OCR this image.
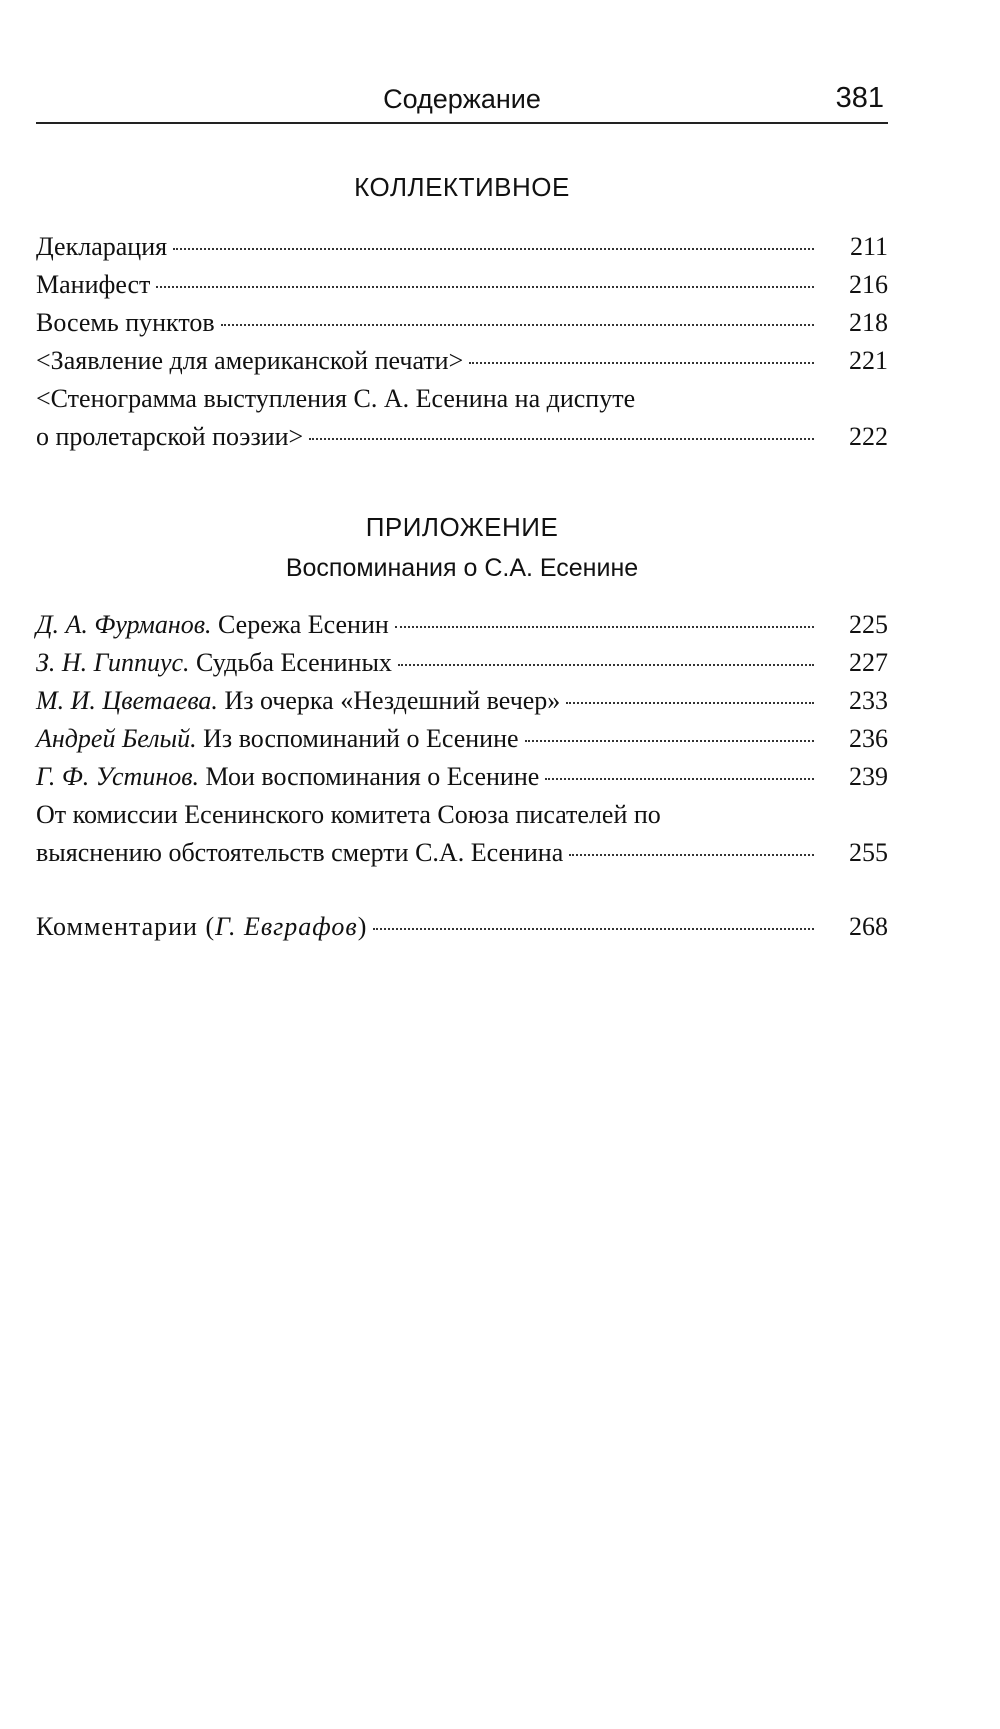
Содержание	381
КОЛЛЕКТИВНОЕ
Декларация	211
Манифест	216
Восемь пунктов	218
<Заявление для американской печати>	221
<Стенограмма выступления С. А. Есенина на диспуте
о пролетарской поэзии>	222
ПРИЛОЖЕНИЕ
Воспоминания о С.А. Есенине
Д. А. Фурманов. Сережа Есенин	225
З. Н. Гиппиус. Судьба Есениных	227
М. И. Цветаева. Из очерка «Нездешний вечер»	233
Андрей Белый. Из воспоминаний о Есенине	236
Г. Ф. Устинов. Мои воспоминания о Есенине	239
От комиссии Есенинского комитета Союза писателей по
выяснению обстоятельств смерти С.А. Есенина	255
Комментарии (Г. Евграфов)	268
